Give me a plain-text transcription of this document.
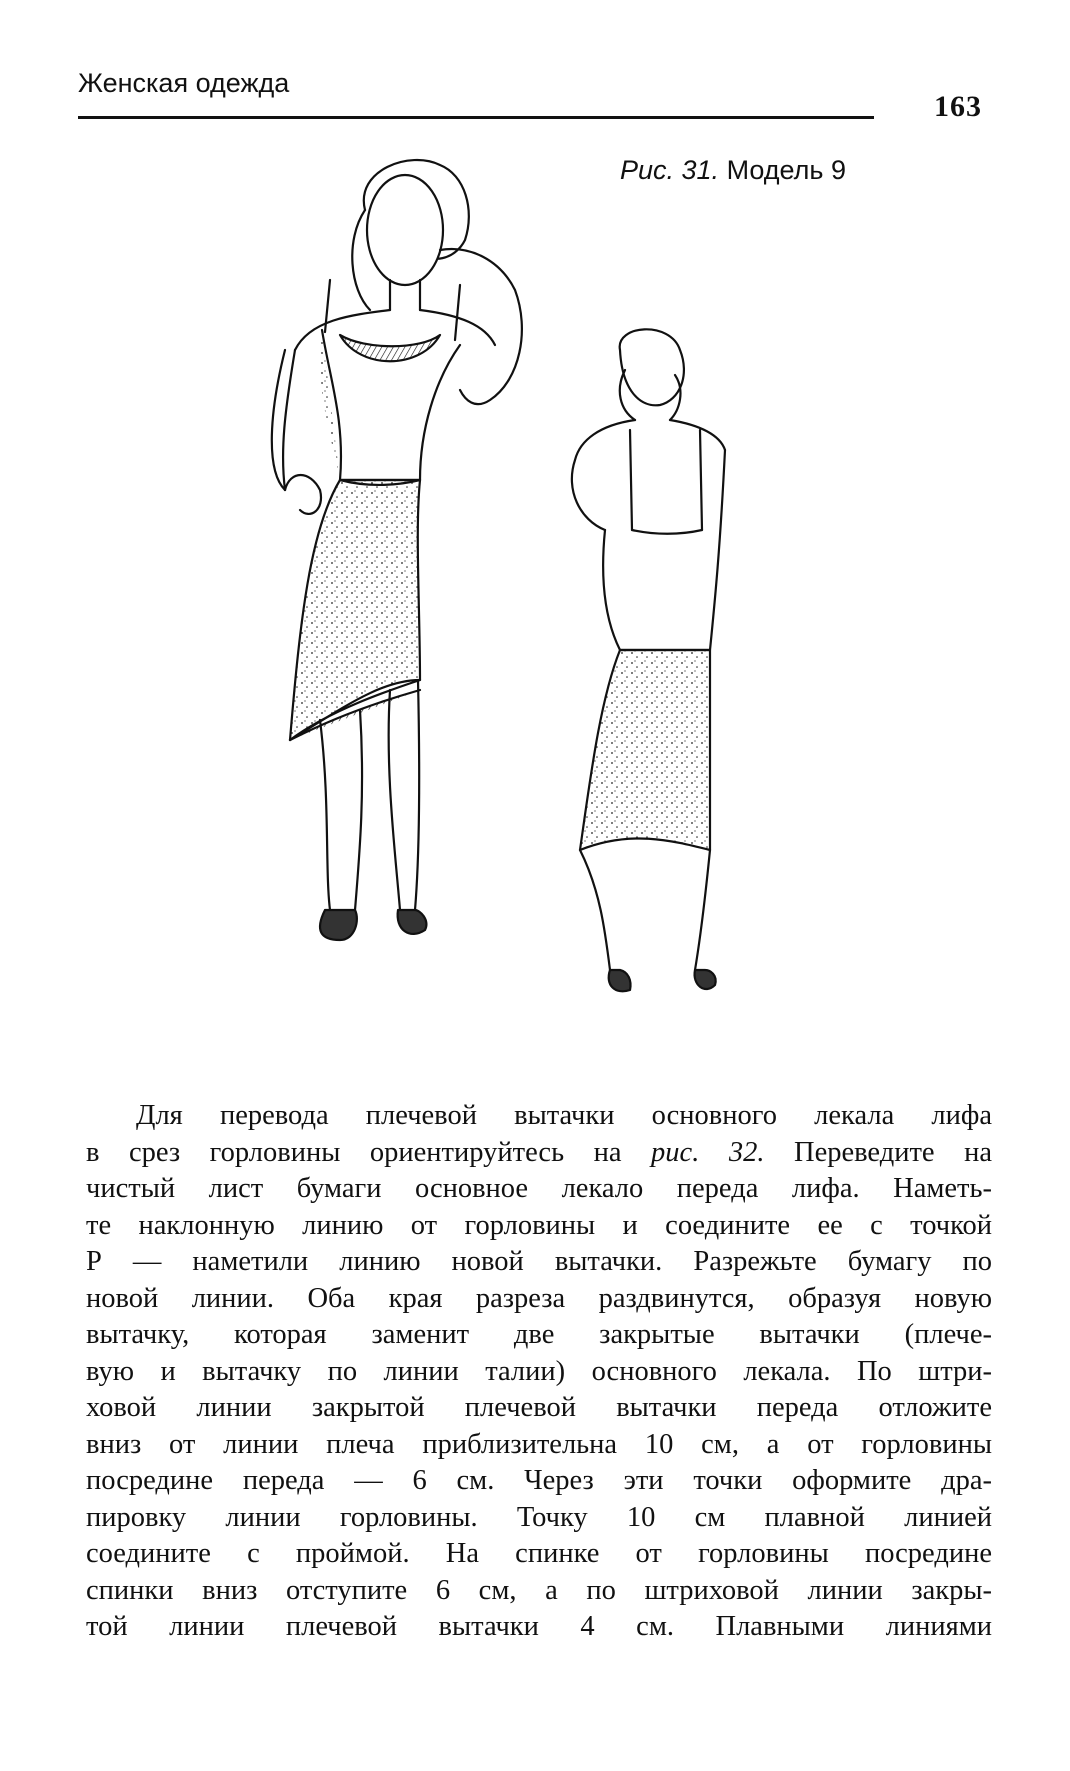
Женская одежда
163
Рис. 31. Модель 9

Для перевода плечевой вытачки основного лекала лифа
в срез горловины ориентируйтесь на рис. 32. Переведите на
чистый лист бумаги основное лекало переда лифа. Наметь-
те наклонную линию от горловины и соедините ее с точкой
Р — наметили линию новой вытачки. Разрежьте бумагу по
новой линии. Оба края разреза раздвинутся, образуя новую
вытачку, которая заменит две закрытые вытачки (плече-
вую и вытачку по линии талии) основного лекала. По штри-
ховой линии закрытой плечевой вытачки переда отложите
вниз от линии плеча приблизительна 10 см, а от горловины
посредине переда — 6 см. Через эти точки оформите дра-
пировку линии горловины. Точку 10 см плавной линией
соедините с проймой. На спинке от горловины посредине
спинки вниз отступите 6 см, а по штриховой линии закры-
той линии плечевой вытачки 4 см. Плавными линиями
